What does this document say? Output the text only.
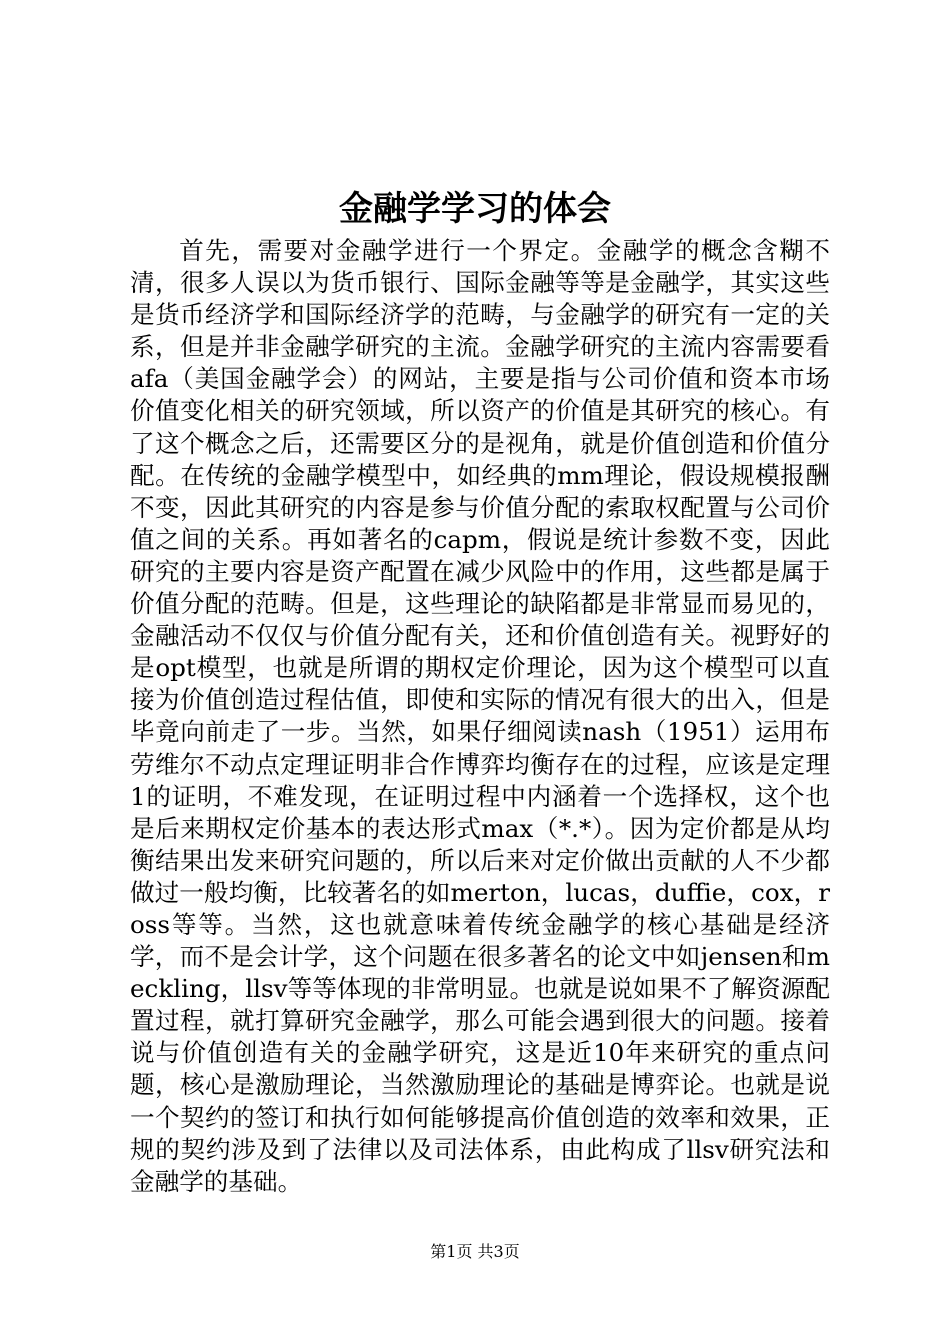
金融学学习的体会

首先，需要对金融学进行一个界定。金融学的概念含糊不清，很多人误以为货币银行、国际金融等等是金融学，其实这些是货币经济学和国际经济学的范畴，与金融学的研究有一定的关系，但是并非金融学研究的主流。金融学研究的主流内容需要看afa（美国金融学会）的网站，主要是指与公司价值和资本市场价值变化相关的研究领域，所以资产的价值是其研究的核心。有了这个概念之后，还需要区分的是视角，就是价值创造和价值分配。在传统的金融学模型中，如经典的mm理论，假设规模报酬不变，因此其研究的内容是参与价值分配的索取权配置与公司价值之间的关系。再如著名的capm，假说是统计参数不变，因此研究的主要内容是资产配置在减少风险中的作用，这些都是属于价值分配的范畴。但是，这些理论的缺陷都是非常显而易见的，金融活动不仅仅与价值分配有关，还和价值创造有关。视野好的是opt模型，也就是所谓的期权定价理论，因为这个模型可以直接为价值创造过程估值，即使和实际的情况有很大的出入，但是毕竟向前走了一步。当然，如果仔细阅读nash（1951）运用布劳维尔不动点定理证明非合作博弈均衡存在的过程，应该是定理1的证明，不难发现，在证明过程中内涵着一个选择权，这个也是后来期权定价基本的表达形式max（*.*）。因为定价都是从均衡结果出发来研究问题的，所以后来对定价做出贡献的人不少都做过一般均衡，比较著名的如merton，lucas，duffie，cox，ross等等。当然，这也就意味着传统金融学的核心基础是经济学，而不是会计学，这个问题在很多著名的论文中如jensen和meckling，llsv等等体现的非常明显。也就是说如果不了解资源配置过程，就打算研究金融学，那么可能会遇到很大的问题。接着说与价值创造有关的金融学研究，这是近10年来研究的重点问题，核心是激励理论，当然激励理论的基础是博弈论。也就是说一个契约的签订和执行如何能够提高价值创造的效率和效果，正规的契约涉及到了法律以及司法体系，由此构成了llsv研究法和金融学的基础。

第1页 共3页
